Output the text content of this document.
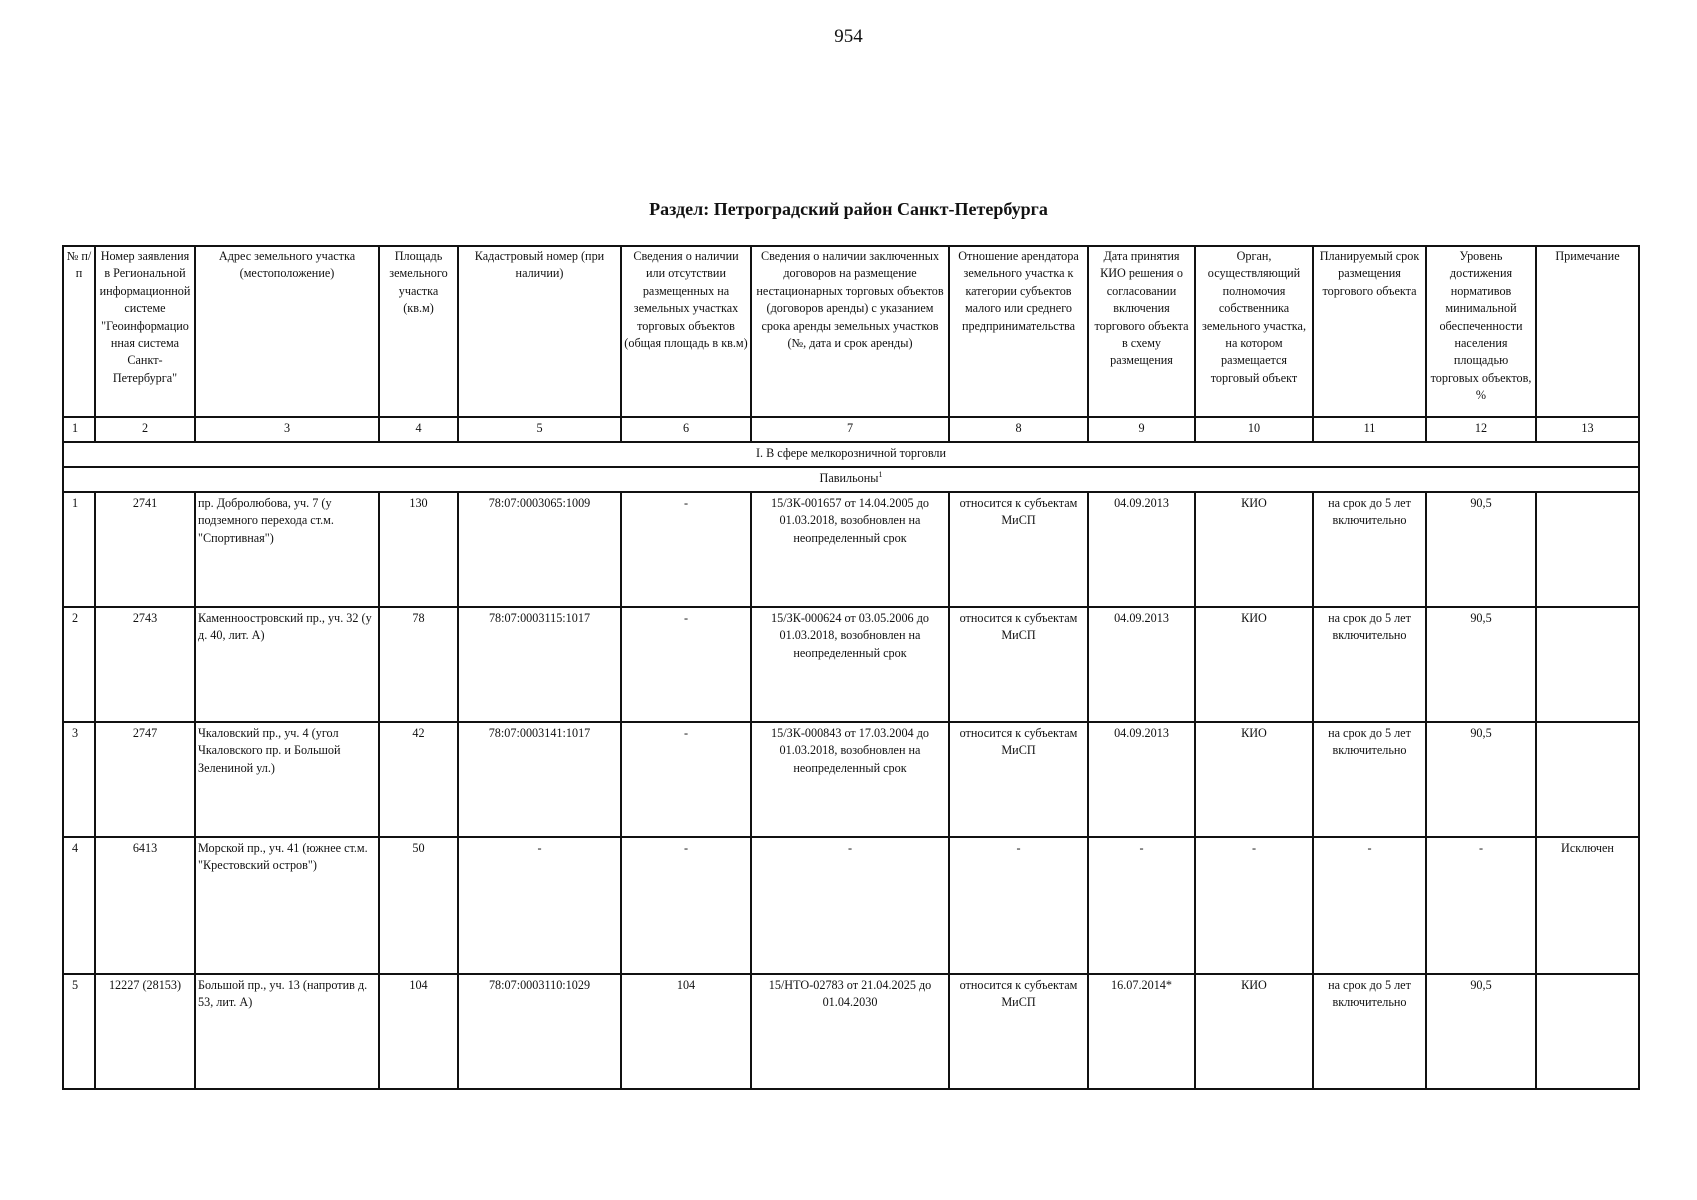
954
Раздел: Петроградский район Санкт-Петербурга
№ п/п	Номер заявления в Региональной информационной системе "Геоинформационная система Санкт-Петербурга"	Адрес земельного участка (местоположение)	Площадь земельного участка (кв.м)	Кадастровый номер (при наличии)	Сведения о наличии или отсутствии размещенных на земельных участках торговых объектов (общая площадь в кв.м)	Сведения о наличии заключенных договоров на размещение нестационарных торговых объектов (договоров аренды) с указанием срока аренды земельных участков (№, дата и срок аренды)	Отношение арендатора земельного участка к категории субъектов малого или среднего предпринимательства	Дата принятия КИО решения о согласовании включения торгового объекта в схему размещения	Орган, осуществляющий полномочия собственника земельного участка, на котором размещается торговый объект	Планируемый срок размещения торгового объекта	Уровень достижения нормативов минимальной обеспеченности населения площадью торговых объектов, %	Примечание
1	2	3	4	5	6	7	8	9	10	11	12	13
I. В сфере мелкорозничной торговли												
Павильоны$^1$
1	2741	пр. Добролюбова, уч. 7 (у подземного перехода ст.м. "Спортивная")	130	78:07:0003065:1009	-	15/ЗК-001657 от 14.04.2005 до 01.03.2018, возобновлен на неопределенный срок	относится к субъектам МиСП	04.09.2013	КИО	на срок до 5 лет включительно	90,5	
2	2743	Каменноостровский пр., уч. 32 (у д. 40, лит. А)	78	78:07:0003115:1017	-	15/ЗК-000624 от 03.05.2006 до 01.03.2018, возобновлен на неопределенный срок	относится к субъектам МиСП	04.09.2013	КИО	на срок до 5 лет включительно	90,5	
3	2747	Чкаловский пр., уч. 4 (угол Чкаловского пр. и Большой Зелениной ул.)	42	78:07:0003141:1017	-	15/ЗК-000843 от 17.03.2004 до 01.03.2018, возобновлен на неопределенный срок	относится к субъектам МиСП	04.09.2013	КИО	на срок до 5 лет включительно	90,5	
4	6413	Морской пр., уч. 41 (южнее ст.м. "Крестовский остров")	50	-	-	-	-	-	-	-	-	Исключен
5	12227 (28153)	Большой пр., уч. 13 (напротив д. 53, лит. А)	104	78:07:0003110:1029	104	15/НТО-02783 от 21.04.2025 до 01.04.2030	относится к субъектам МиСП	16.07.2014*	КИО	на срок до 5 лет включительно	90,5	
